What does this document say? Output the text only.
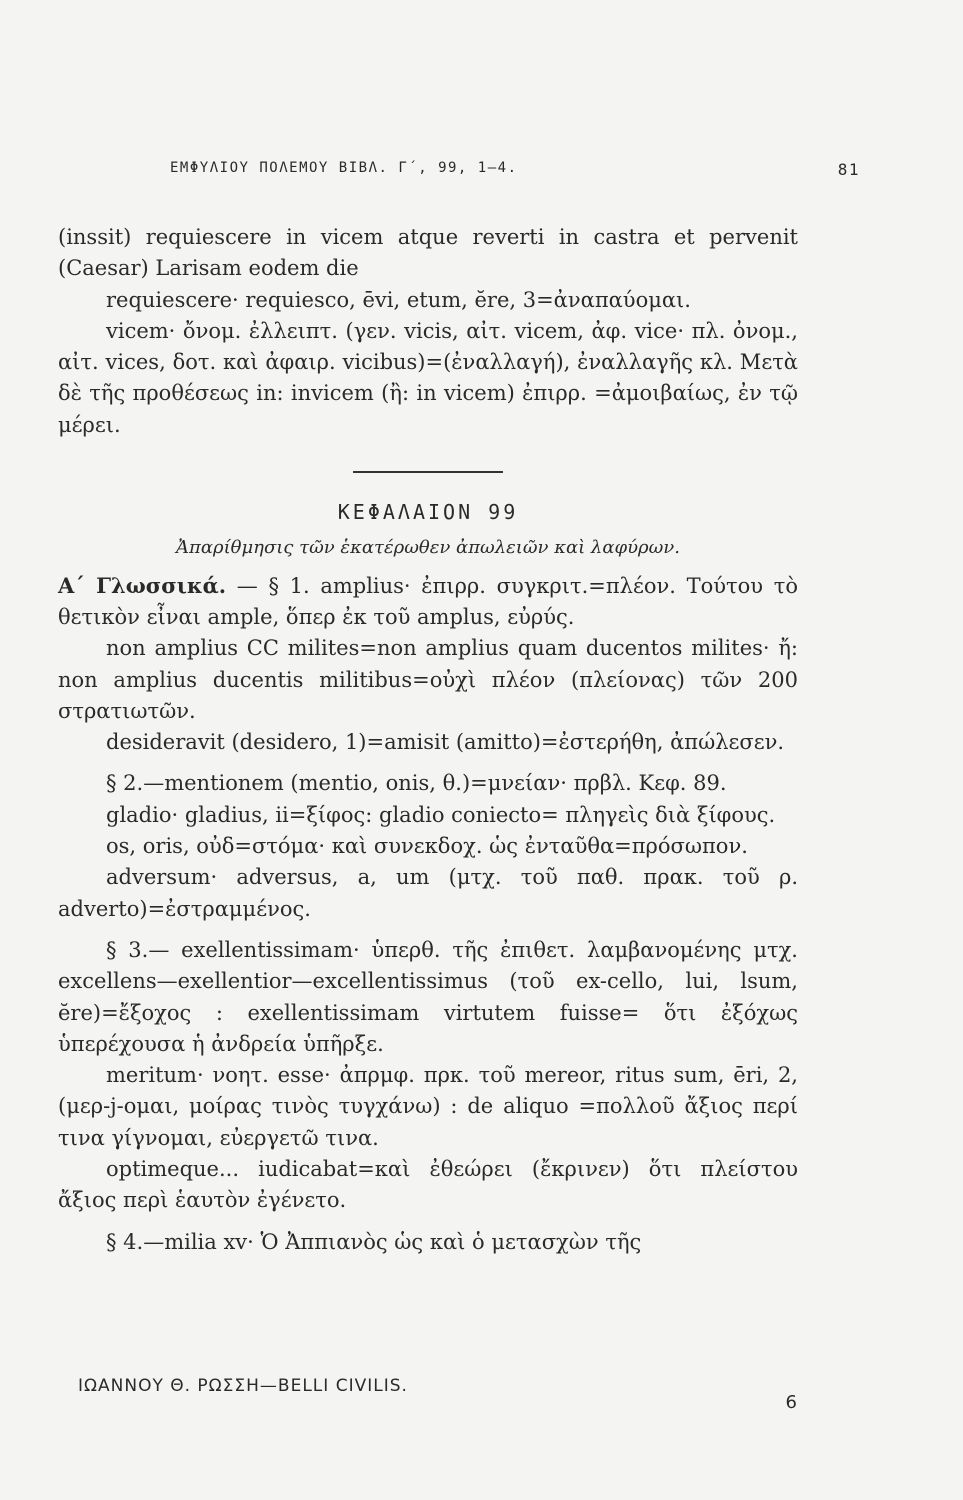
ΕΜΦΥΛΙΟΥ ΠΟΛΕΜΟΥ ΒΙΒΛ. Γ΄, 99, 1—4.	81

(inssit) requiescere in vicem atque reverti in castra et pervenit (Caesar) Larisam eodem die

requiescere· requiesco, ēvi, etum, ĕre, 3=ἀναπαύομαι.

vicem· ὄνομ. ἐλλειπτ. (γεν. vicis, αἰτ. vicem, ἀφ. vice· πλ. ὀνομ., αἰτ. vices, δοτ. καὶ ἀφαιρ. vicibus)=(ἐναλλαγή), ἐναλλαγῆς κλ. Μετὰ δὲ τῆς προθέσεως in: invicem (ἢ: in vicem) ἐπιρρ. =ἀμοιβαίως, ἐν τῷ μέρει.

ΚΕΦΑΛΑΙΟΝ 99
Ἀπαρίθμησις τῶν ἑκατέρωθεν ἀπωλειῶν καὶ λαφύρων.

Α΄ Γλωσσικά. — § 1. amplius· ἐπιρρ. συγκριτ.=πλέον. Τούτου τὸ θετικὸν εἶναι ample, ὅπερ ἐκ τοῦ amplus, εὐρύς.

non amplius CC milites=non amplius quam ducentos milites· ἤ: non amplius ducentis militibus=οὐχὶ πλέον (πλείονας) τῶν 200 στρατιωτῶν.

desideravit (desidero, 1)=amisit (amitto)=ἐστερήθη, ἀπώλεσεν.

§ 2.—mentionem (mentio, onis, θ.)=μνείαν· πρβλ. Κεφ. 89.

gladio· gladius, ii=ξίφος: gladio coniecto= πληγεὶς διὰ ξίφους.

os, oris, οὐδ=στόμα· καὶ συνεκδοχ. ὡς ἐνταῦθα=πρόσωπον.

adversum· adversus, a, um (μτχ. τοῦ παθ. πρακ. τοῦ ρ. adverto)=ἐστραμμένος.

§ 3.— exellentissimam· ὑπερθ. τῆς ἐπιθετ. λαμβανομένης μτχ. excellens—exellentior—excellentissimus (τοῦ ex-cello, lui, lsum, ĕre)=ἔξοχος : exellentissimam virtutem fuisse= ὅτι ἐξόχως ὑπερέχουσα ἡ ἀνδρεία ὑπῆρξε.

meritum· νοητ. esse· ἀπρμφ. πρκ. τοῦ mereor, ritus sum, ēri, 2, (μερ-j-ομαι, μοίρας τινὸς τυγχάνω) : de aliquo =πολλοῦ ἄξιος περί τινα γίγνομαι, εὐεργετῶ τινα.

optimeque... iudicabat=καὶ ἐθεώρει (ἔκρινεν) ὅτι πλείστου ἄξιος περὶ ἑαυτὸν ἐγένετο.

§ 4.—milia xv· Ὁ Ἀππιανὸς ὡς καὶ ὁ μετασχὼν τῆς

ΙΩΑΝΝΟΥ Θ. ΡΩΣΣΗ—BELLI CIVILIS.
6
